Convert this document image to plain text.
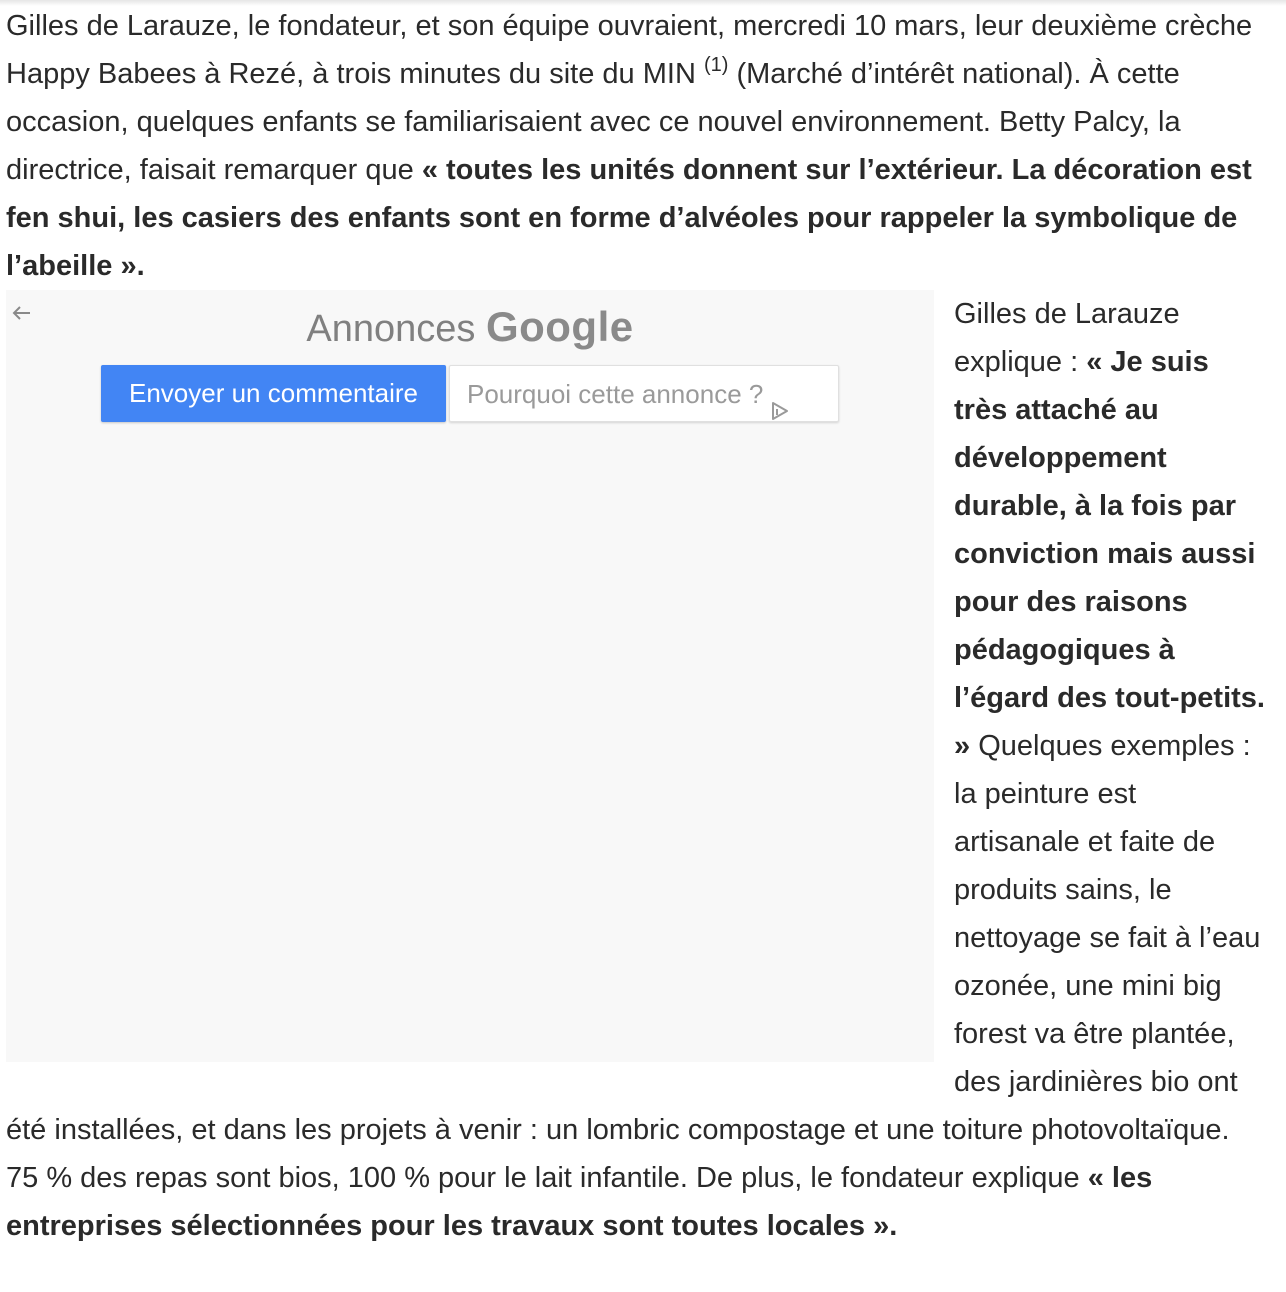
Gilles de Larauze, le fondateur, et son équipe ouvraient, mercredi 10 mars, leur deuxième crèche Happy Babees à Rezé, à trois minutes du site du MIN $^{(1)}$ (Marché d’intérêt national). À cette occasion, quelques enfants se familiarisaient avec ce nouvel environnement. Betty Palcy, la directrice, faisait remarquer que « toutes les unités donnent sur l’extérieur. La décoration est fen shui, les casiers des enfants sont en forme d’alvéoles pour rappeler la symbolique de l’abeille ».

Annonces Google
Envoyer un commentaire	Pourquoi cette annonce ?
Gilles de Larauze explique : « Je suis très attaché au développement durable, à la fois par conviction mais aussi pour des raisons pédagogiques à l’égard des tout-petits. » Quelques exemples : la peinture est artisanale et faite de produits sains, le nettoyage se fait à l’eau ozonée, une mini big forest va être plantée, des jardinières bio ont été installées, et dans les projets à venir : un lombric compostage et une toiture photovoltaïque. 75 % des repas sont bios, 100 % pour le lait infantile. De plus, le fondateur explique « les entreprises sélectionnées pour les travaux sont toutes locales ».
